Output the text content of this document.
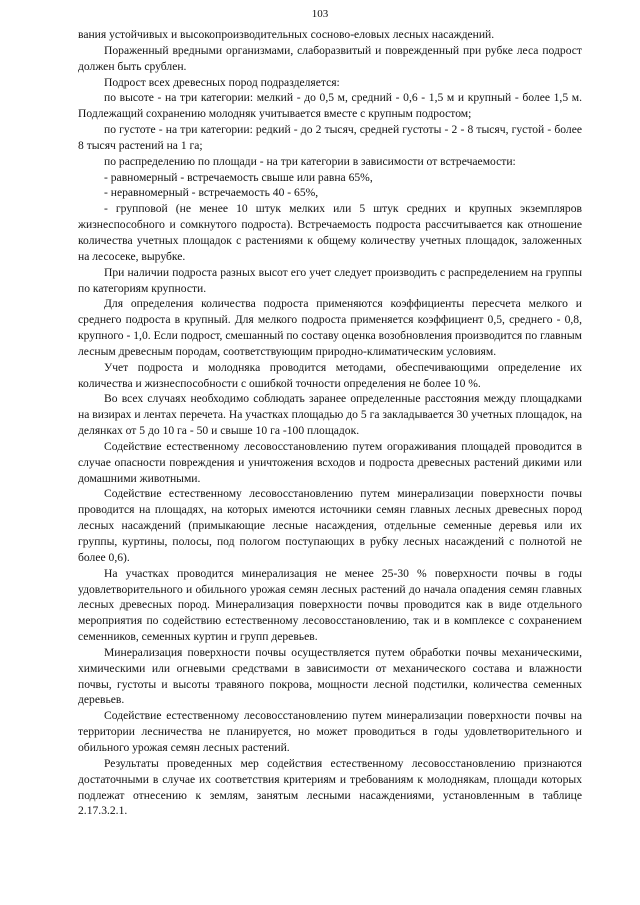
103

вания устойчивых и высокопроизводительных сосново-еловых лесных насаждений.

Пораженный вредными организмами, слаборазвитый и поврежденный при рубке леса подрост должен быть срублен.

Подрост всех древесных пород подразделяется:

по высоте - на три категории: мелкий - до 0,5 м, средний - 0,6 - 1,5 м и крупный - более 1,5 м. Подлежащий сохранению молодняк учитывается вместе с крупным подростом;

по густоте - на три категории: редкий - до 2 тысяч, средней густоты - 2 - 8 тысяч, густой - более 8 тысяч растений на 1 га;

по распределению по площади - на три категории в зависимости от встречаемости:

- равномерный - встречаемость свыше или равна 65%,

- неравномерный - встречаемость 40 - 65%,

- групповой (не менее 10 штук мелких или 5 штук средних и крупных экземпляров жизнеспособного и сомкнутого подроста). Встречаемость подроста рассчитывается как отношение количества учетных площадок с растениями к общему количеству учетных площадок, заложенных на лесосеке, вырубке.

При наличии подроста разных высот его учет следует производить с распределением на группы по категориям крупности.

Для определения количества подроста применяются коэффициенты пересчета мелкого и среднего подроста в крупный. Для мелкого подроста применяется коэффициент 0,5, среднего - 0,8, крупного - 1,0. Если подрост, смешанный по составу оценка возобновления производится по главным лесным древесным породам, соответствующим природно-климатическим условиям.

Учет подроста и молодняка проводится методами, обеспечивающими определение их количества и жизнеспособности с ошибкой точности определения не более 10 %.

Во всех случаях необходимо соблюдать заранее определенные расстояния между площадками на визирах и лентах перечета. На участках площадью до 5 га закладывается 30 учетных площадок, на делянках от 5 до 10 га - 50 и свыше 10 га -100 площадок.

Содействие естественному лесовосстановлению путем огораживания площадей проводится в случае опасности повреждения и уничтожения всходов и подроста древесных растений дикими или домашними животными.

Содействие естественному лесовосстановлению путем минерализации поверхности почвы проводится на площадях, на которых имеются источники семян главных лесных древесных пород лесных насаждений (примыкающие лесные насаждения, отдельные семенные деревья или их группы, куртины, полосы, под пологом поступающих в рубку лесных насаждений с полнотой не более 0,6).

На участках проводится минерализация не менее 25-30 % поверхности почвы в годы удовлетворительного и обильного урожая семян лесных растений до начала опадения семян главных лесных древесных пород. Минерализация поверхности почвы проводится как в виде отдельного мероприятия по содействию естественному лесовосстановлению, так и в комплексе с сохранением семенников, семенных куртин и групп деревьев.

Минерализация поверхности почвы осуществляется путем обработки почвы механическими, химическими или огневыми средствами в зависимости от механического состава и влажности почвы, густоты и высоты травяного покрова, мощности лесной подстилки, количества семенных деревьев.

Содействие естественному лесовосстановлению путем минерализации поверхности почвы на территории лесничества не планируется, но может проводиться в годы удовлетворительного и обильного урожая семян лесных растений.

Результаты проведенных мер содействия естественному лесовосстановлению признаются достаточными в случае их соответствия критериям и требованиям к молоднякам, площади которых подлежат отнесению к землям, занятым лесными насаждениями, установленным в таблице 2.17.3.2.1.
